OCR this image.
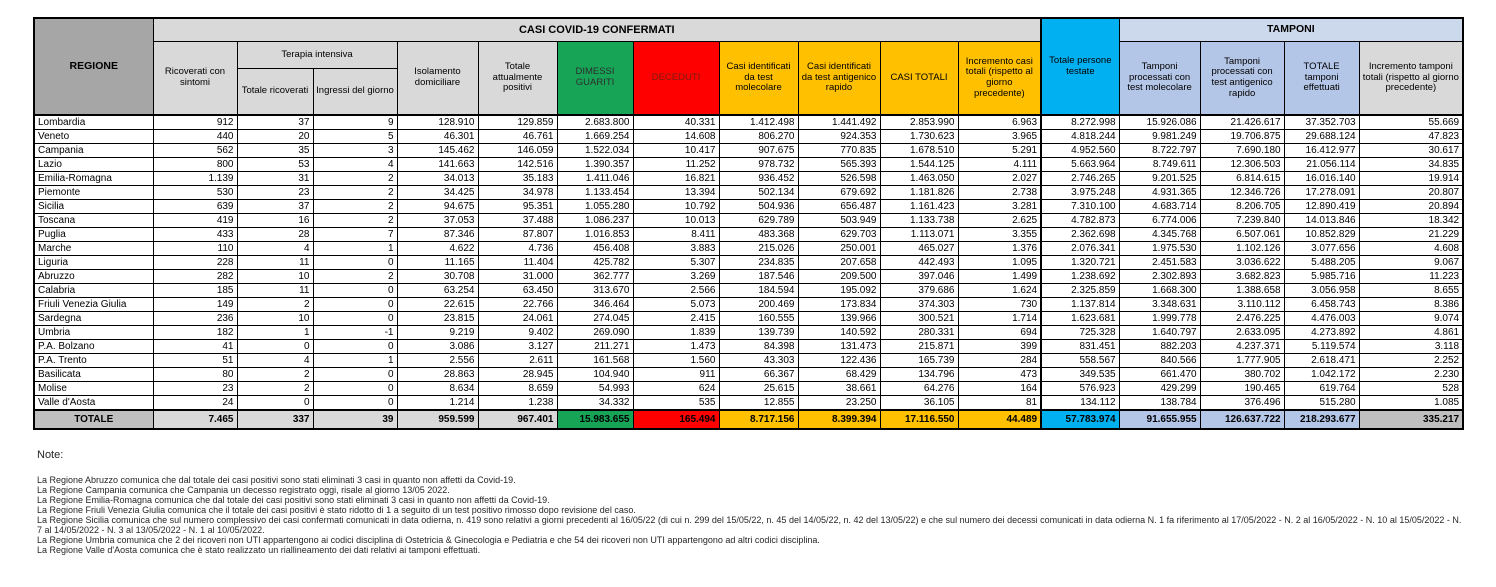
REGIONE	CASI COVID-19 CONFERMATI											Totale persone testate	TAMPONI			
	Ricoverati con sintomi	Terapia intensiva		Isolamento domiciliare	Totale attualmente positivi	DIMESSI GUARITI	DECEDUTI	Casi identificati da test molecolare	Casi identificati da test antigenico rapido	CASI TOTALI	Incremento casi totali (rispetto al giorno precedente)		Tamponi processati con test molecolare	Tamponi processati con test antigenico rapido	TOTALE tamponi effettuati	Incremento tamponi totali (rispetto al giorno precedente)
		Totale ricoverati	Ingressi del giorno													
Lombardia	912	37	9	128.910	129.859	2.683.800	40.331	1.412.498	1.441.492	2.853.990	6.963	8.272.998	15.926.086	21.426.617	37.352.703	55.669
Veneto	440	20	5	46.301	46.761	1.669.254	14.608	806.270	924.353	1.730.623	3.965	4.818.244	9.981.249	19.706.875	29.688.124	47.823
Campania	562	35	3	145.462	146.059	1.522.034	10.417	907.675	770.835	1.678.510	5.291	4.952.560	8.722.797	7.690.180	16.412.977	30.617
Lazio	800	53	4	141.663	142.516	1.390.357	11.252	978.732	565.393	1.544.125	4.111	5.663.964	8.749.611	12.306.503	21.056.114	34.835
Emilia-Romagna	1.139	31	2	34.013	35.183	1.411.046	16.821	936.452	526.598	1.463.050	2.027	2.746.265	9.201.525	6.814.615	16.016.140	19.914
Piemonte	530	23	2	34.425	34.978	1.133.454	13.394	502.134	679.692	1.181.826	2.738	3.975.248	4.931.365	12.346.726	17.278.091	20.807
Sicilia	639	37	2	94.675	95.351	1.055.280	10.792	504.936	656.487	1.161.423	3.281	7.310.100	4.683.714	8.206.705	12.890.419	20.894
Toscana	419	16	2	37.053	37.488	1.086.237	10.013	629.789	503.949	1.133.738	2.625	4.782.873	6.774.006	7.239.840	14.013.846	18.342
Puglia	433	28	7	87.346	87.807	1.016.853	8.411	483.368	629.703	1.113.071	3.355	2.362.698	4.345.768	6.507.061	10.852.829	21.229
Marche	110	4	1	4.622	4.736	456.408	3.883	215.026	250.001	465.027	1.376	2.076.341	1.975.530	1.102.126	3.077.656	4.608
Liguria	228	11	0	11.165	11.404	425.782	5.307	234.835	207.658	442.493	1.095	1.320.721	2.451.583	3.036.622	5.488.205	9.067
Abruzzo	282	10	2	30.708	31.000	362.777	3.269	187.546	209.500	397.046	1.499	1.238.692	2.302.893	3.682.823	5.985.716	11.223
Calabria	185	11	0	63.254	63.450	313.670	2.566	184.594	195.092	379.686	1.624	2.325.859	1.668.300	1.388.658	3.056.958	8.655
Friuli Venezia Giulia	149	2	0	22.615	22.766	346.464	5.073	200.469	173.834	374.303	730	1.137.814	3.348.631	3.110.112	6.458.743	8.386
Sardegna	236	10	0	23.815	24.061	274.045	2.415	160.555	139.966	300.521	1.714	1.623.681	1.999.778	2.476.225	4.476.003	9.074
Umbria	182	1	-1	9.219	9.402	269.090	1.839	139.739	140.592	280.331	694	725.328	1.640.797	2.633.095	4.273.892	4.861
P.A. Bolzano	41	0	0	3.086	3.127	211.271	1.473	84.398	131.473	215.871	399	831.451	882.203	4.237.371	5.119.574	3.118
P.A. Trento	51	4	1	2.556	2.611	161.568	1.560	43.303	122.436	165.739	284	558.567	840.566	1.777.905	2.618.471	2.252
Basilicata	80	2	0	28.863	28.945	104.940	911	66.367	68.429	134.796	473	349.535	661.470	380.702	1.042.172	2.230
Molise	23	2	0	8.634	8.659	54.993	624	25.615	38.661	64.276	164	576.923	429.299	190.465	619.764	528
Valle d'Aosta	24	0	0	1.214	1.238	34.332	535	12.855	23.250	36.105	81	134.112	138.784	376.496	515.280	1.085
TOTALE	7.465	337	39	959.599	967.401	15.983.655	165.494	8.717.156	8.399.394	17.116.550	44.489	57.783.974	91.655.955	126.637.722	218.293.677	335.217
Note:
La Regione Abruzzo comunica che dal totale dei casi positivi sono stati eliminati 3 casi in quanto non affetti da Covid-19.
La Regione Campania comunica che Campania un decesso registrato oggi, risale al giorno 13/05 2022.
La Regione Emilia-Romagna comunica che dal totale dei casi positivi sono stati eliminati 3 casi in quanto non affetti da Covid-19.
La Regione Friuli Venezia Giulia comunica che il totale dei casi positivi è stato ridotto di 1 a seguito di un test positivo rimosso dopo revisione del caso.
La Regione Sicilia comunica che sul numero complessivo dei casi confermati comunicati in data odierna, n. 419 sono relativi a giorni precedenti al 16/05/22 (di cui n. 299 del 15/05/22, n. 45 del 14/05/22, n. 42 del 13/05/22) e che sul numero dei decessi comunicati in data odierna N. 1 fa riferimento al 17/05/2022 - N. 2 al 16/05/2022 - N. 10 al 15/05/2022 - N. 7 al 14/05/2022 - N. 3 al 13/05/2022 - N. 1 al 10/05/2022.
La Regione Umbria comunica che 2 dei ricoveri non UTI appartengono ai codici disciplina di Ostetricia & Ginecologia e Pediatria e che 54 dei ricoveri non UTI appartengono ad altri codici disciplina.
La Regione Valle d'Aosta comunica che è stato realizzato un riallineamento dei dati relativi ai tamponi effettuati.
